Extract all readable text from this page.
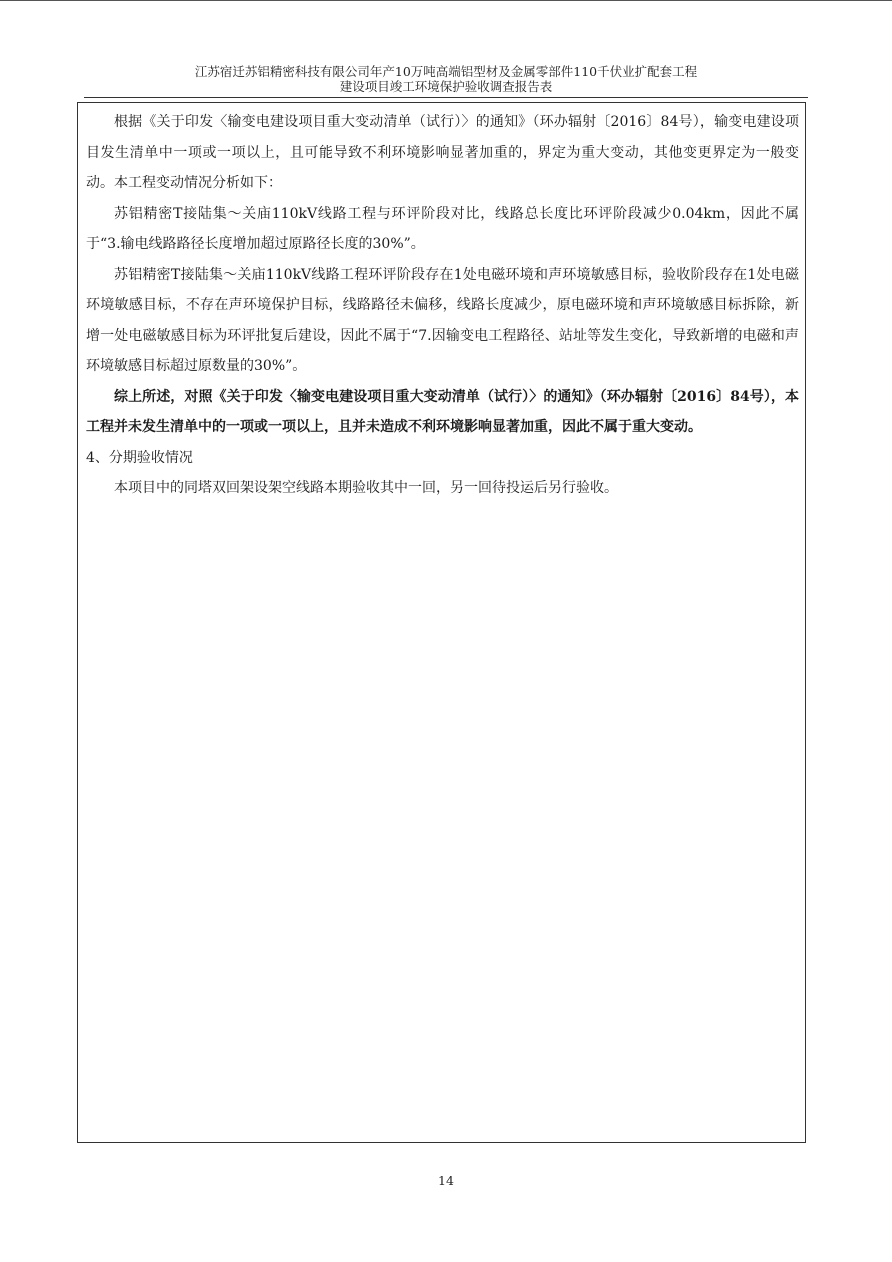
江苏宿迁苏铝精密科技有限公司年产10万吨高端铝型材及金属零部件110千伏业扩配套工程
建设项目竣工环境保护验收调查报告表

根据《关于印发〈输变电建设项目重大变动清单（试行）〉的通知》（环办辐射〔2016〕84号），输变电建设项目发生清单中一项或一项以上，且可能导致不利环境影响显著加重的，界定为重大变动，其他变更界定为一般变动。本工程变动情况分析如下：

苏铝精密T接陆集～关庙110kV线路工程与环评阶段对比，线路总长度比环评阶段减少0.04km，因此不属于“3.输电线路路径长度增加超过原路径长度的30%”。

苏铝精密T接陆集～关庙110kV线路工程环评阶段存在1处电磁环境和声环境敏感目标，验收阶段存在1处电磁环境敏感目标，不存在声环境保护目标，线路路径未偏移，线路长度减少，原电磁环境和声环境敏感目标拆除，新增一处电磁敏感目标为环评批复后建设，因此不属于“7.因输变电工程路径、站址等发生变化，导致新增的电磁和声环境敏感目标超过原数量的30%”。

综上所述，对照《关于印发〈输变电建设项目重大变动清单（试行）〉的通知》（环办辐射〔2016〕84号），本工程并未发生清单中的一项或一项以上，且并未造成不利环境影响显著加重，因此不属于重大变动。

4、分期验收情况

本项目中的同塔双回架设架空线路本期验收其中一回，另一回待投运后另行验收。

14
